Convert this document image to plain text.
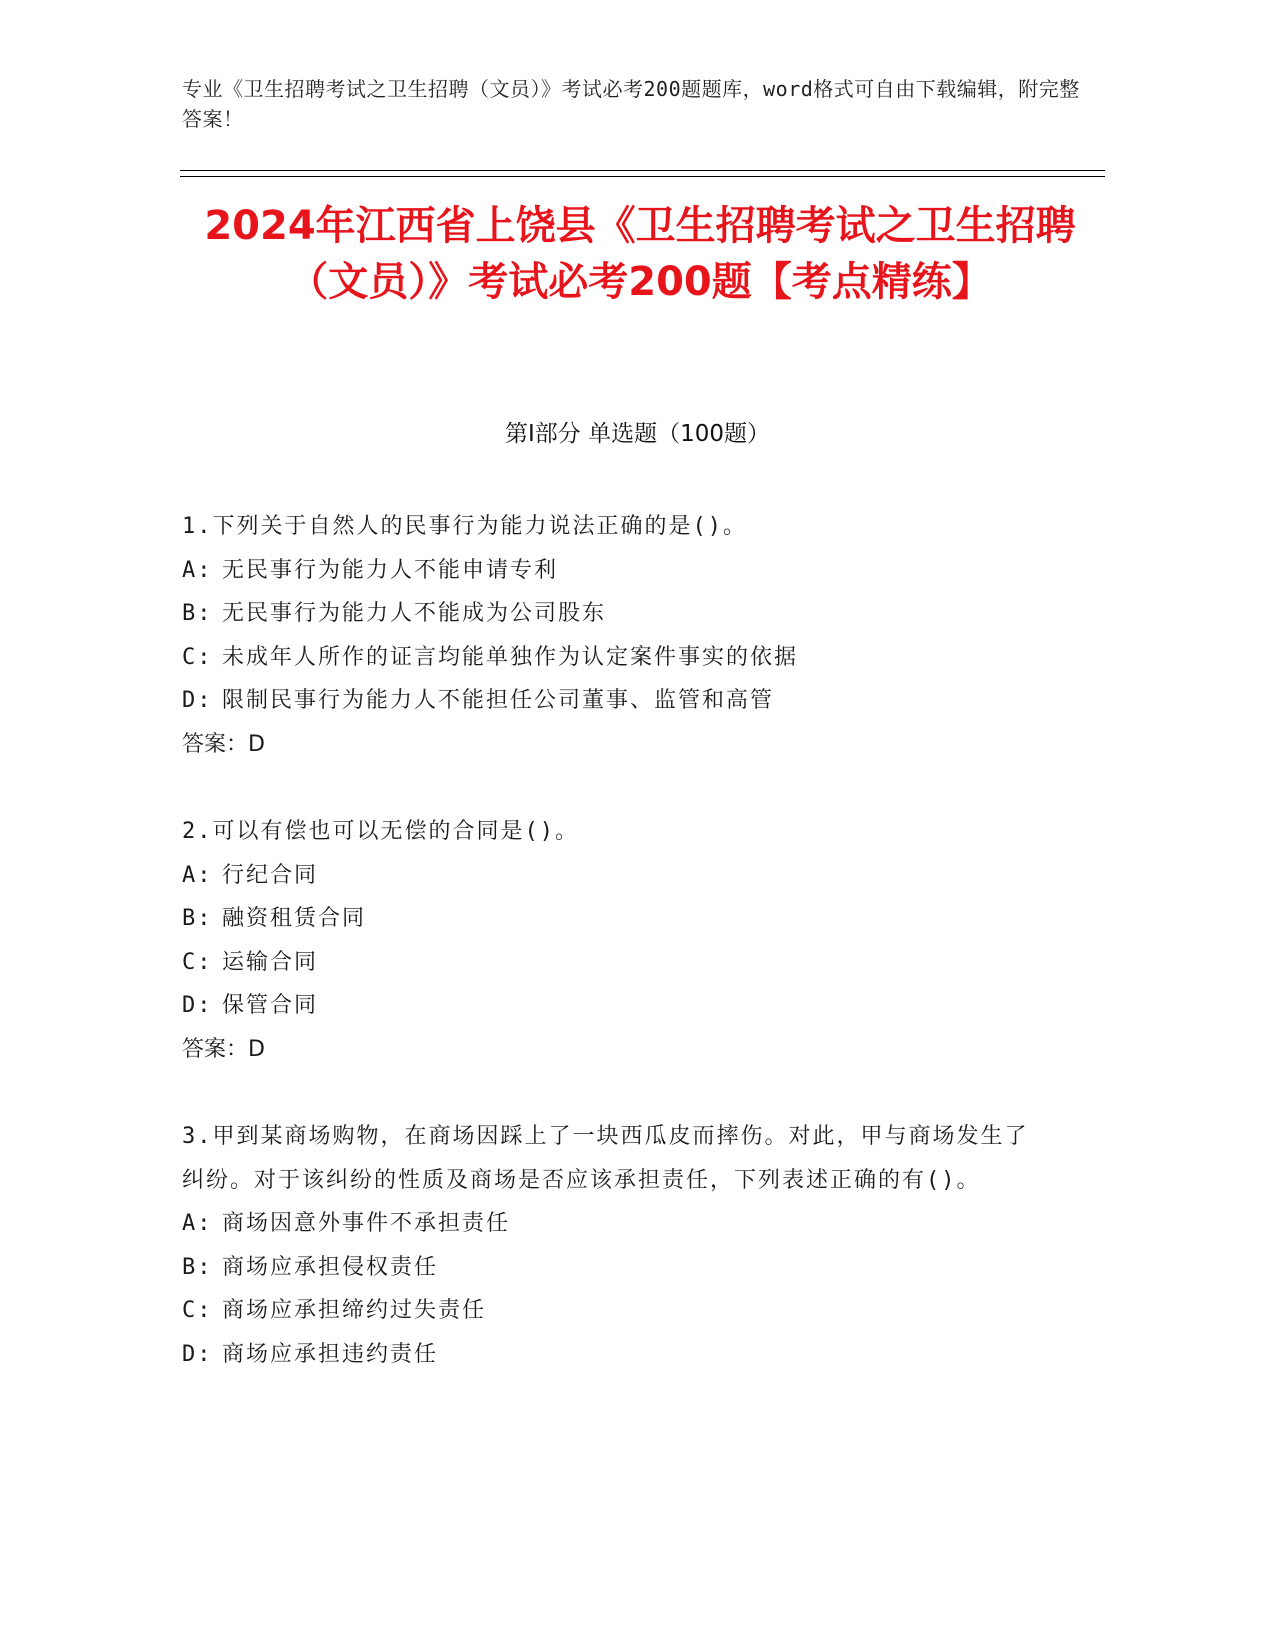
专业《卫生招聘考试之卫生招聘（文员）》考试必考200题题库，word格式可自由下载编辑，附完整答案！
2024年江西省上饶县《卫生招聘考试之卫生招聘（文员）》考试必考200题【考点精练】
第Ⅰ部分 单选题（100题）
1.下列关于自然人的民事行为能力说法正确的是()。
A: 无民事行为能力人不能申请专利
B: 无民事行为能力人不能成为公司股东
C: 未成年人所作的证言均能单独作为认定案件事实的依据
D: 限制民事行为能力人不能担任公司董事、监管和高管
答案：D
2.可以有偿也可以无偿的合同是()。
A: 行纪合同
B: 融资租赁合同
C: 运输合同
D: 保管合同
答案：D
3.甲到某商场购物，在商场因踩上了一块西瓜皮而摔伤。对此，甲与商场发生了纠纷。对于该纠纷的性质及商场是否应该承担责任，下列表述正确的有()。
A: 商场因意外事件不承担责任
B: 商场应承担侵权责任
C: 商场应承担缔约过失责任
D: 商场应承担违约责任
